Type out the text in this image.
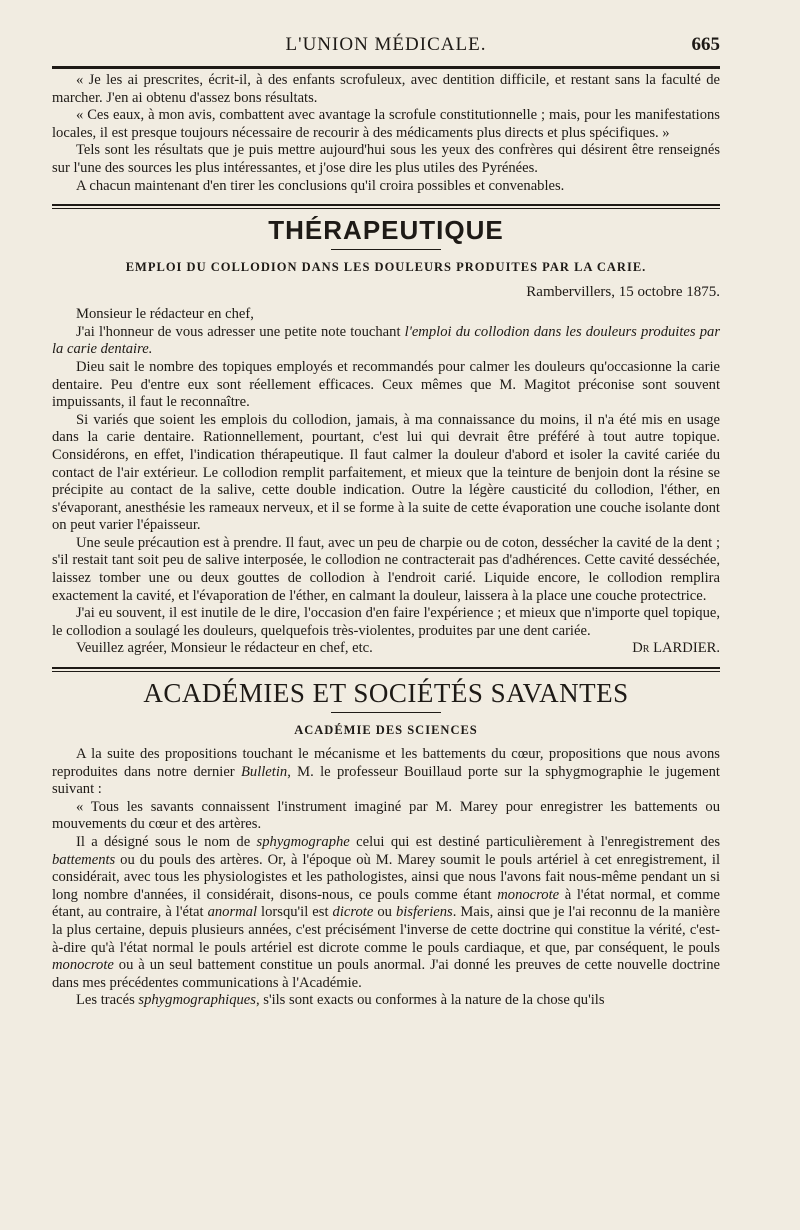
L'UNION MÉDICALE.	665

« Je les ai prescrites, écrit-il, à des enfants scrofuleux, avec dentition difficile, et restant sans la faculté de marcher. J'en ai obtenu d'assez bons résultats.

« Ces eaux, à mon avis, combattent avec avantage la scrofule constitutionnelle ; mais, pour les manifestations locales, il est presque toujours nécessaire de recourir à des médicaments plus directs et plus spécifiques. »

Tels sont les résultats que je puis mettre aujourd'hui sous les yeux des confrères qui désirent être renseignés sur l'une des sources les plus intéressantes, et j'ose dire les plus utiles des Pyrénées.

A chacun maintenant d'en tirer les conclusions qu'il croira possibles et convenables.

THÉRAPEUTIQUE
EMPLOI DU COLLODION DANS LES DOULEURS PRODUITES PAR LA CARIE.
Rambervillers, 15 octobre 1875.

Monsieur le rédacteur en chef,

J'ai l'honneur de vous adresser une petite note touchant l'emploi du collodion dans les douleurs produites par la carie dentaire.

Dieu sait le nombre des topiques employés et recommandés pour calmer les douleurs qu'occasionne la carie dentaire. Peu d'entre eux sont réellement efficaces. Ceux mêmes que M. Magitot préconise sont souvent impuissants, il faut le reconnaître.

Si variés que soient les emplois du collodion, jamais, à ma connaissance du moins, il n'a été mis en usage dans la carie dentaire. Rationnellement, pourtant, c'est lui qui devrait être préféré à tout autre topique. Considérons, en effet, l'indication thérapeutique. Il faut calmer la douleur d'abord et isoler la cavité cariée du contact de l'air extérieur. Le collodion remplit parfaitement, et mieux que la teinture de benjoin dont la résine se précipite au contact de la salive, cette double indication. Outre la légère causticité du collodion, l'éther, en s'évaporant, anesthésie les rameaux nerveux, et il se forme à la suite de cette évaporation une couche isolante dont on peut varier l'épaisseur.

Une seule précaution est à prendre. Il faut, avec un peu de charpie ou de coton, dessécher la cavité de la dent ; s'il restait tant soit peu de salive interposée, le collodion ne contracterait pas d'adhérences. Cette cavité desséchée, laissez tomber une ou deux gouttes de collodion à l'endroit carié. Liquide encore, le collodion remplira exactement la cavité, et l'évaporation de l'éther, en calmant la douleur, laissera à la place une couche protectrice.

J'ai eu souvent, il est inutile de le dire, l'occasion d'en faire l'expérience ; et mieux que n'importe quel topique, le collodion a soulagé les douleurs, quelquefois très-violentes, produites par une dent cariée.

Veuillez agréer, Monsieur le rédacteur en chef, etc.	Dr LARDIER.
ACADÉMIES ET SOCIÉTÉS SAVANTES
ACADÉMIE DES SCIENCES

A la suite des propositions touchant le mécanisme et les battements du cœur, propositions que nous avons reproduites dans notre dernier Bulletin, M. le professeur Bouillaud porte sur la sphygmographie le jugement suivant :

« Tous les savants connaissent l'instrument imaginé par M. Marey pour enregistrer les battements ou mouvements du cœur et des artères.

Il a désigné sous le nom de sphygmographe celui qui est destiné particulièrement à l'enregistrement des battements ou du pouls des artères. Or, à l'époque où M. Marey soumit le pouls artériel à cet enregistrement, il considérait, avec tous les physiologistes et les pathologistes, ainsi que nous l'avons fait nous-même pendant un si long nombre d'années, il considérait, disons-nous, ce pouls comme étant monocrote à l'état normal, et comme étant, au contraire, à l'état anormal lorsqu'il est dicrote ou bisferiens. Mais, ainsi que je l'ai reconnu de la manière la plus certaine, depuis plusieurs années, c'est précisément l'inverse de cette doctrine qui constitue la vérité, c'est-à-dire qu'à l'état normal le pouls artériel est dicrote comme le pouls cardiaque, et que, par conséquent, le pouls monocrote ou à un seul battement constitue un pouls anormal. J'ai donné les preuves de cette nouvelle doctrine dans mes précédentes communications à l'Académie.

Les tracés sphygmographiques, s'ils sont exacts ou conformes à la nature de la chose qu'ils
